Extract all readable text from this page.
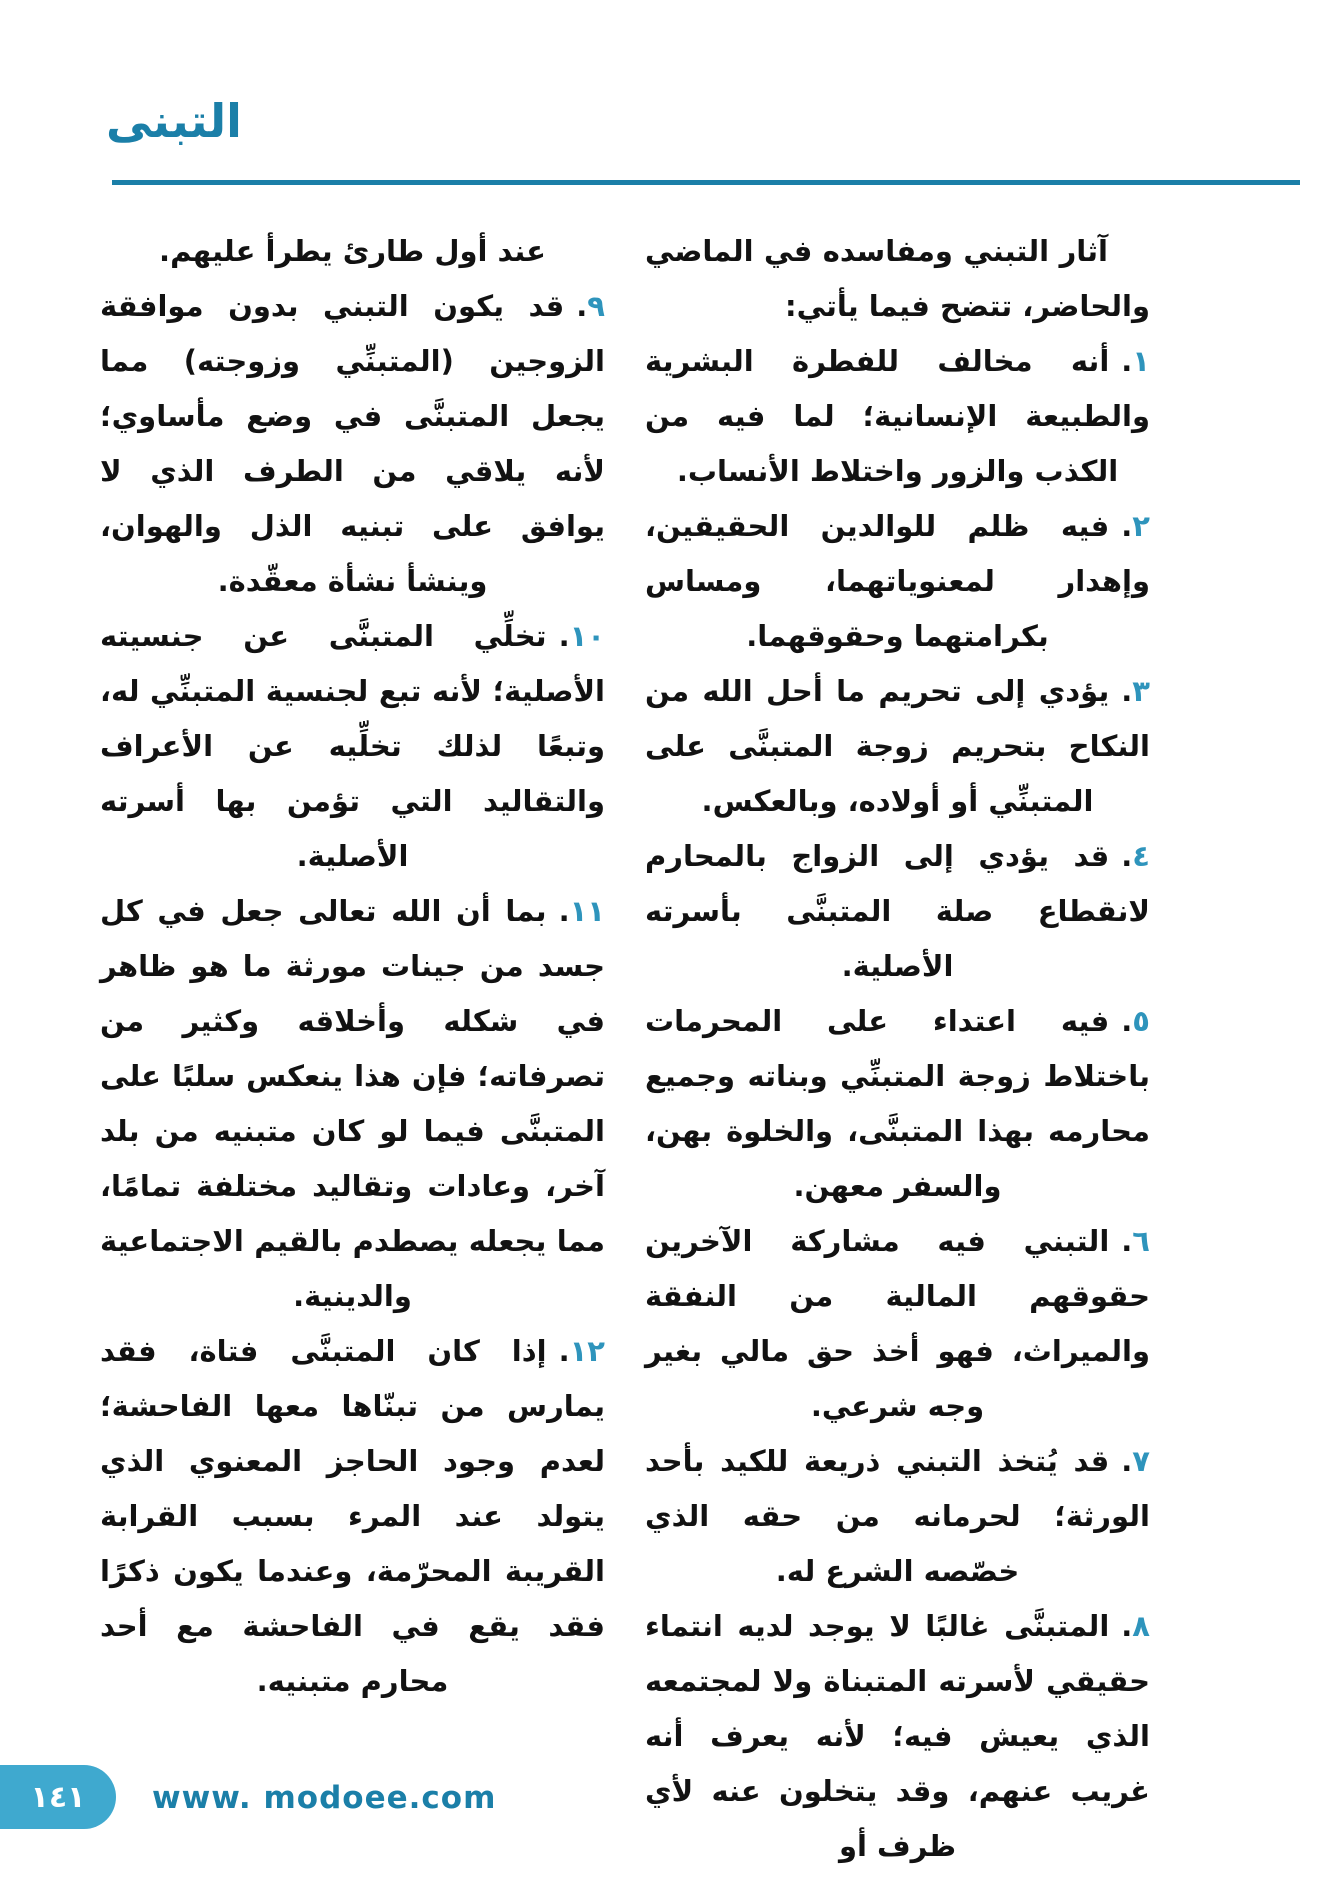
التبنى

آثار التبني ومفاسده في الماضي والحاضر، تتضح فيما يأتي:

١.أنه مخالف للفطرة البشرية والطبيعة الإنسانية؛ لما فيه من الكذب والزور واختلاط الأنساب.

٢.فيه ظلم للوالدين الحقيقين، وإهدار لمعنوياتهما، ومساس بكرامتهما وحقوقهما.

٣.يؤدي إلى تحريم ما أحل الله من النكاح بتحريم زوجة المتبنَّى على المتبنِّي أو أولاده، وبالعكس.

٤.قد يؤدي إلى الزواج بالمحارم لانقطاع صلة المتبنَّى بأسرته الأصلية.

٥.فيه اعتداء على المحرمات باختلاط زوجة المتبنِّي وبناته وجميع محارمه بهذا المتبنَّى، والخلوة بهن، والسفر معهن.

٦.التبني فيه مشاركة الآخرين حقوقهم المالية من النفقة والميراث، فهو أخذ حق مالي بغير وجه شرعي.

٧.قد يُتخذ التبني ذريعة للكيد بأحد الورثة؛ لحرمانه من حقه الذي خصّصه الشرع له.

٨.المتبنَّى غالبًا لا يوجد لديه انتماء حقيقي لأسرته المتبناة ولا لمجتمعه الذي يعيش فيه؛ لأنه يعرف أنه غريب عنهم، وقد يتخلون عنه لأي ظرف أو

عند أول طارئ يطرأ عليهم.

٩.قد يكون التبني بدون موافقة الزوجين (المتبنِّي وزوجته) مما يجعل المتبنَّى في وضع مأساوي؛ لأنه يلاقي من الطرف الذي لا يوافق على تبنيه الذل والهوان، وينشأ نشأة معقّدة.

١٠.تخلِّي المتبنَّى عن جنسيته الأصلية؛ لأنه تبع لجنسية المتبنِّي له، وتبعًا لذلك تخلِّيه عن الأعراف والتقاليد التي تؤمن بها أسرته الأصلية.

١١.بما أن الله تعالى جعل في كل جسد من جينات مورثة ما هو ظاهر في شكله وأخلاقه وكثير من تصرفاته؛ فإن هذا ينعكس سلبًا على المتبنَّى فيما لو كان متبنيه من بلد آخر، وعادات وتقاليد مختلفة تمامًا، مما يجعله يصطدم بالقيم الاجتماعية والدينية.

١٢.إذا كان المتبنَّى فتاة، فقد يمارس من تبنّاها معها الفاحشة؛ لعدم وجود الحاجز المعنوي الذي يتولد عند المرء بسبب القرابة القريبة المحرّمة، وعندما يكون ذكرًا فقد يقع في الفاحشة مع أحد محارم متبنيه.

١٤١ www. modoee.com
